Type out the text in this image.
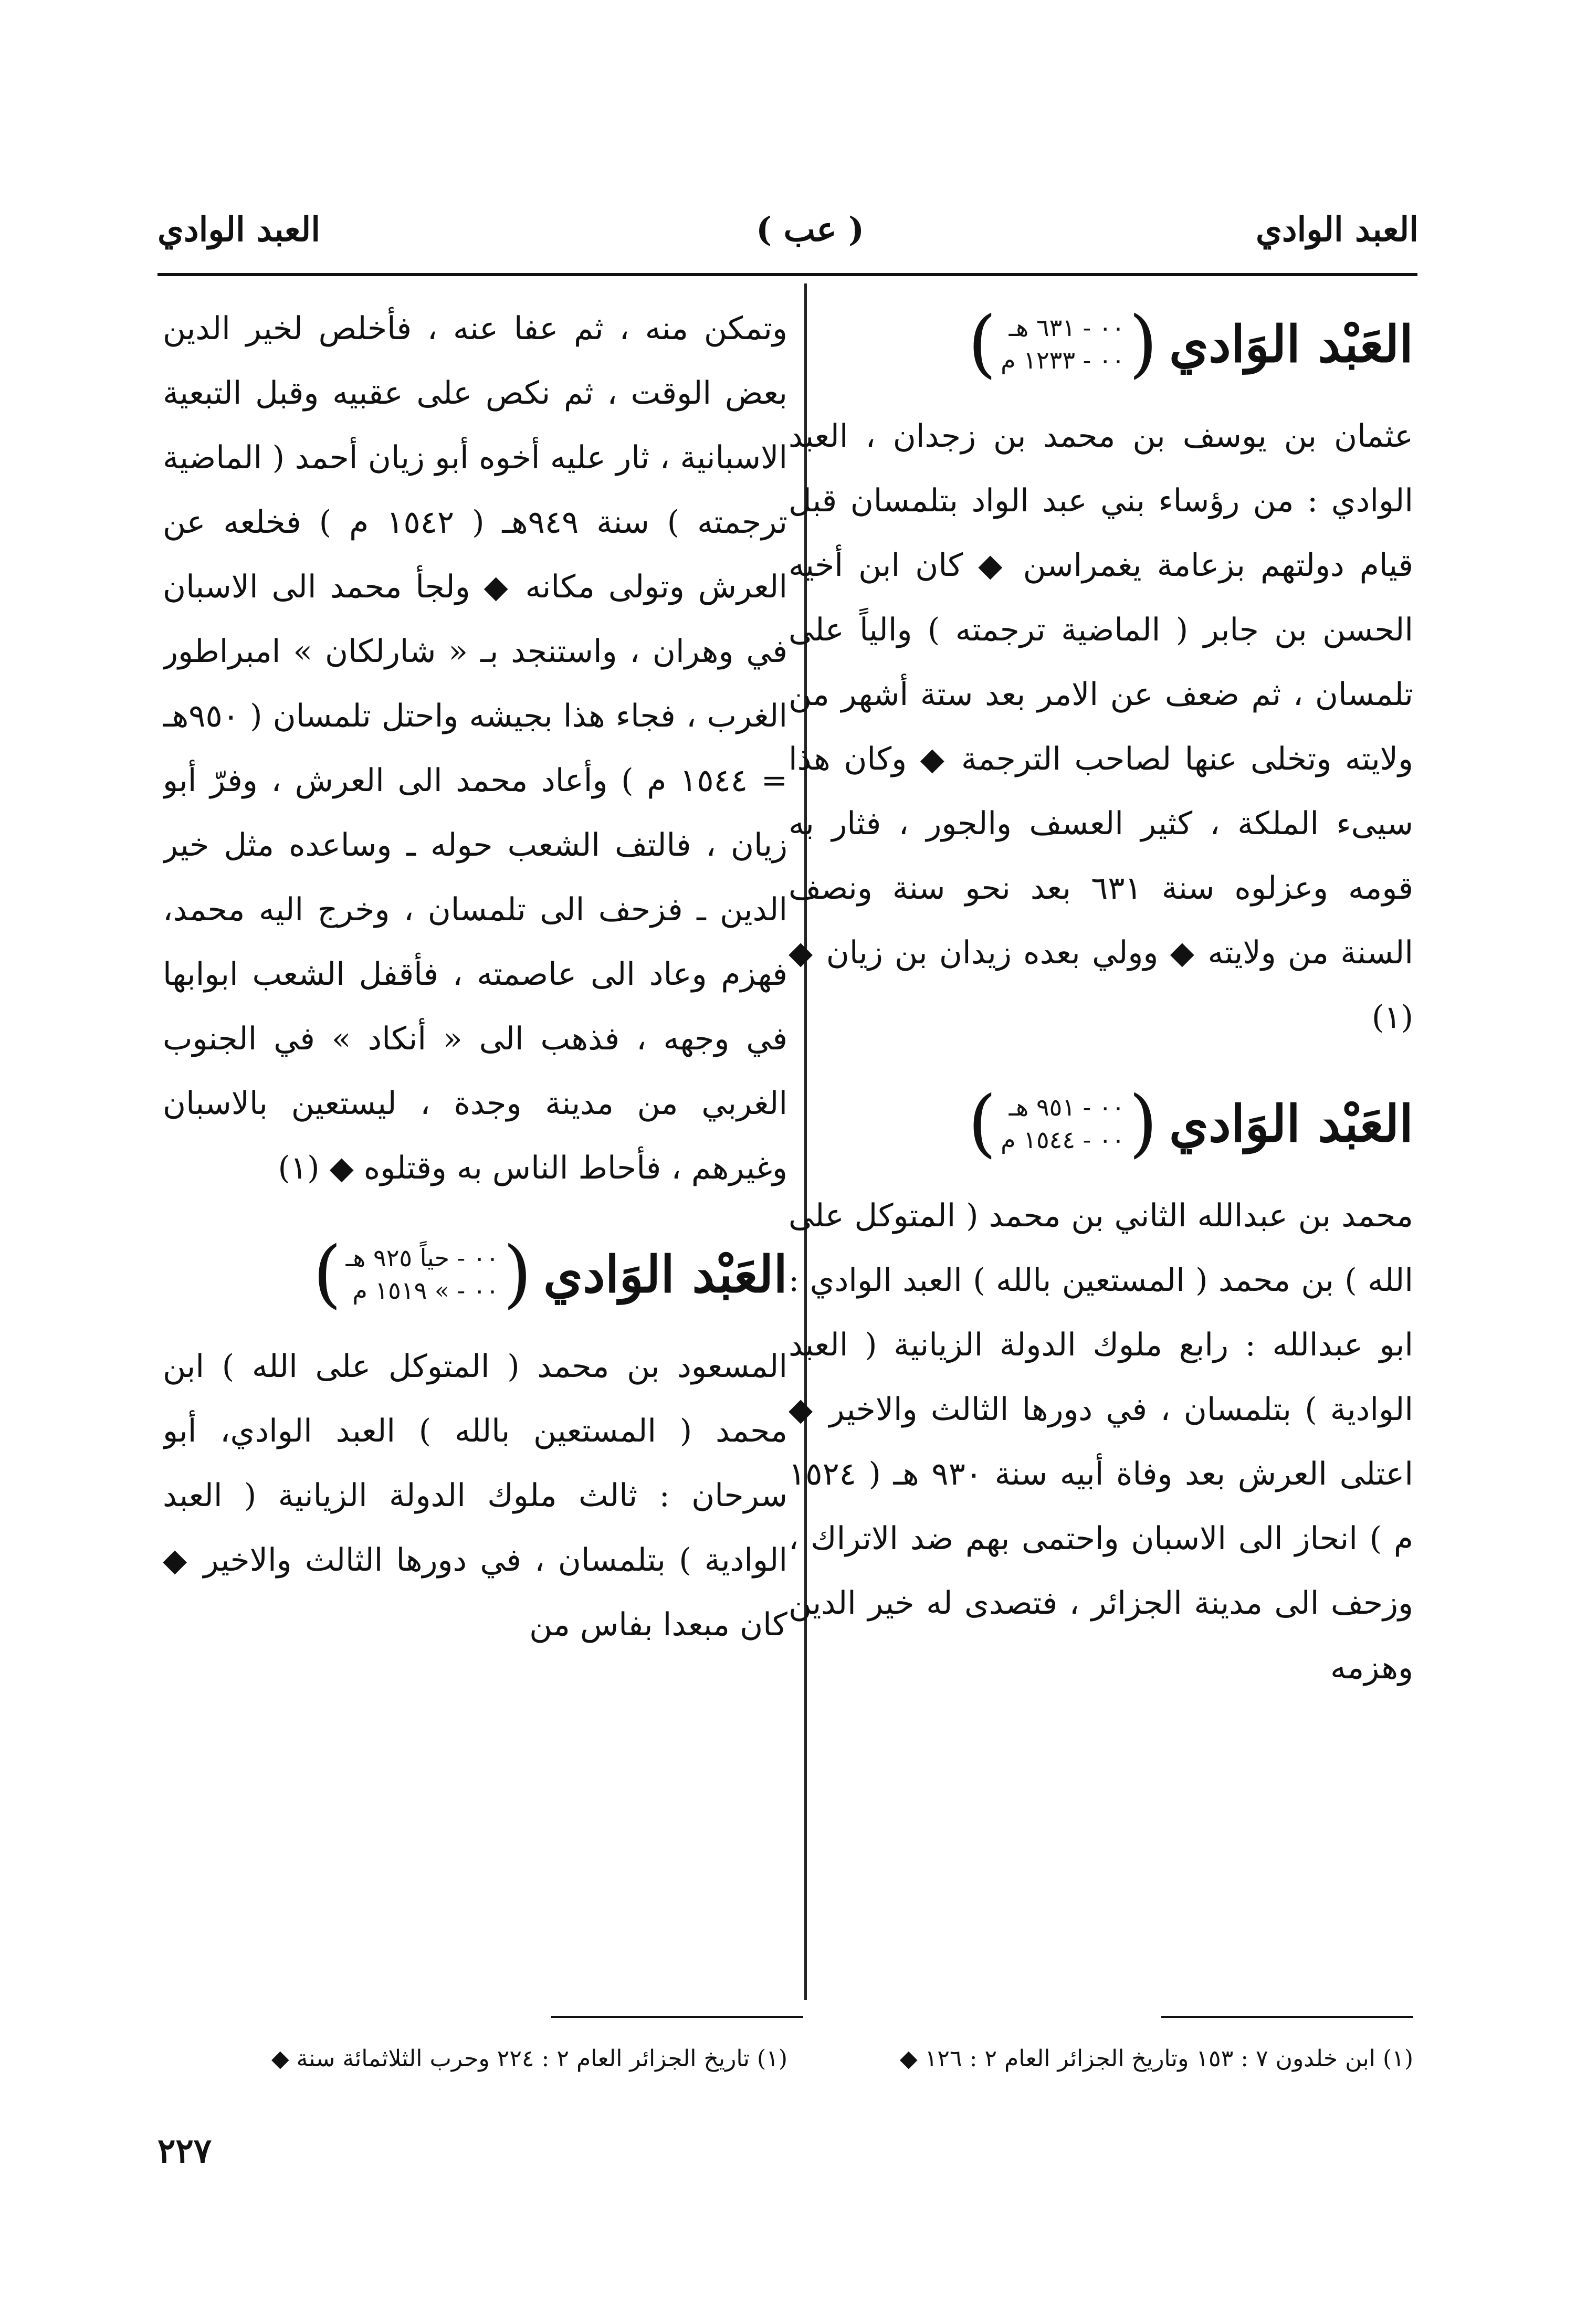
العبد الوادي
( عب )
العبد الوادي
العَبْد الوَادي
(
٠٠ - ٦٣١ هـ
٠٠ - ١٢٣٣ م
)

عثمان بن يوسف بن محمد بن زجدان ، العبد الوادي : من رؤساء بني عبد الواد بتلمسان قبل قيام دولتهم بزعامة يغمراسن ◆ كان ابن أخيه الحسن بن جابر ( الماضية ترجمته ) والياً على تلمسان ، ثم ضعف عن الامر بعد ستة أشهر من ولايته وتخلى عنها لصاحب الترجمة ◆ وكان هذا سيىء الملكة ، كثير العسف والجور ، فثار به قومه وعزلوه سنة ٦٣١ بعد نحو سنة ونصف السنة من ولايته ◆ وولي بعده زيدان بن زيان ◆ (١)

العَبْد الوَادي
(
٠٠ - ٩٥١ هـ
٠٠ - ١٥٤٤ م
)

محمد بن عبدالله الثاني بن محمد ( المتوكل على الله ) بن محمد ( المستعين بالله ) العبد الوادي : ابو عبدالله : رابع ملوك الدولة الزيانية ( العبد الوادية ) بتلمسان ، في دورها الثالث والاخير ◆ اعتلى العرش بعد وفاة أبيه سنة ٩٣٠ هـ ( ١٥٢٤ م ) انحاز الى الاسبان واحتمى بهم ضد الاتراك ، وزحف الى مدينة الجزائر ، فتصدى له خير الدين وهزمه

وتمكن منه ، ثم عفا عنه ، فأخلص لخير الدين بعض الوقت ، ثم نكص على عقبيه وقبل التبعية الاسبانية ، ثار عليه أخوه أبو زيان أحمد ( الماضية ترجمته ) سنة ٩٤٩هـ ( ١٥٤٢ م ) فخلعه عن العرش وتولى مكانه ◆ ولجأ محمد الى الاسبان في وهران ، واستنجد بـ « شارلكان » امبراطور الغرب ، فجاء هذا بجيشه واحتل تلمسان ( ٩٥٠هـ = ١٥٤٤ م ) وأعاد محمد الى العرش ، وفرّ أبو زيان ، فالتف الشعب حوله ـ وساعده مثل خير الدين ـ فزحف الى تلمسان ، وخرج اليه محمد، فهزم وعاد الى عاصمته ، فأقفل الشعب ابوابها في وجهه ، فذهب الى « أنكاد » في الجنوب الغربي من مدينة وجدة ، ليستعين بالاسبان وغيرهم ، فأحاط الناس به وقتلوه ◆ (١)

العَبْد الوَادي
(
٠٠ - حياً ٩٢٥ هـ
٠٠ - » ١٥١٩ م
)

المسعود بن محمد ( المتوكل على الله ) ابن محمد ( المستعين بالله ) العبد الوادي، أبو سرحان : ثالث ملوك الدولة الزيانية ( العبد الوادية ) بتلمسان ، في دورها الثالث والاخير ◆ كان مبعدا بفاس من

(١) ابن خلدون ٧ : ١٥٣ وتاريخ الجزائر العام ٢ : ١٢٦ ◆
(١) تاريخ الجزائر العام ٢ : ٢٢٤ وحرب الثلاثمائة سنة ◆
٢٢٧
